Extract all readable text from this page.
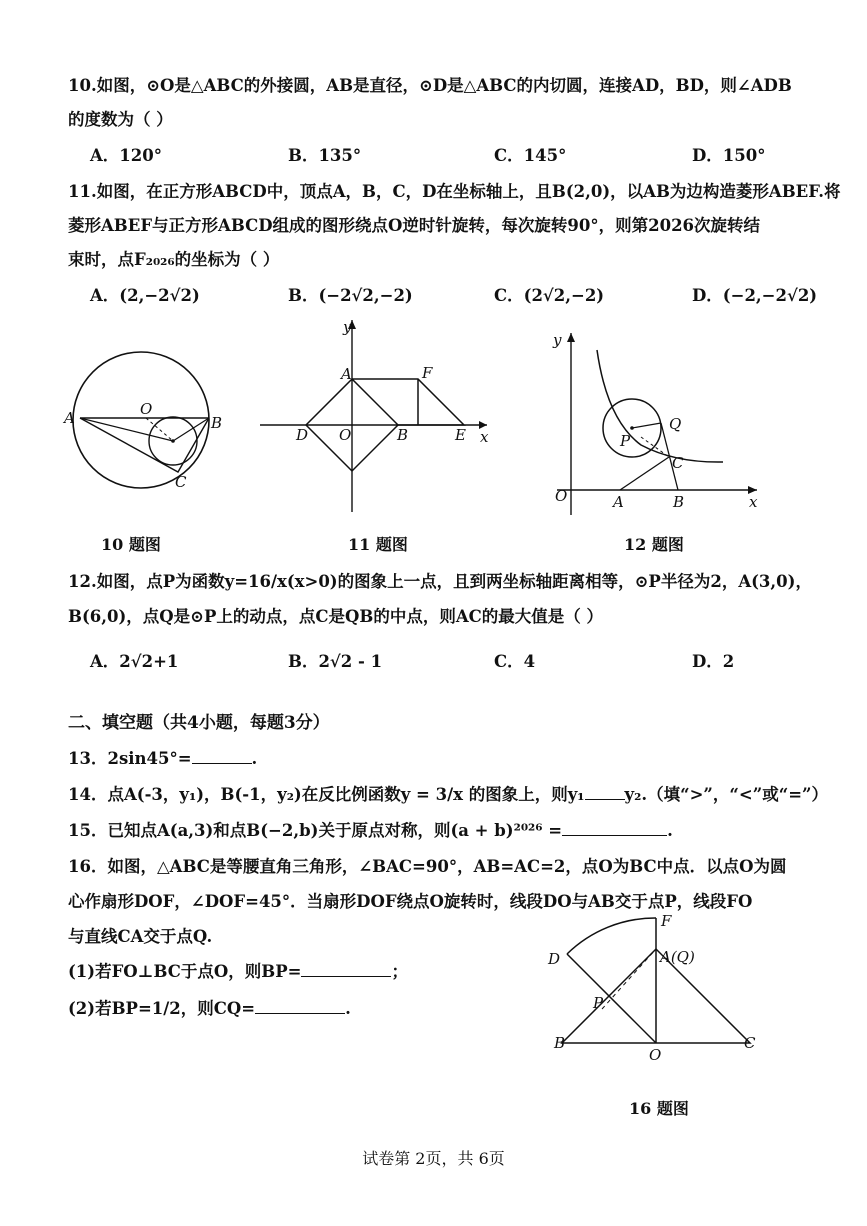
10.如图，⊙O是△ABC的外接圆，AB是直径，⊙D是△ABC的内切圆，连接AD，BD，则∠ADB
的度数为（ ）
A．120°	B．135°	C．145°	D．150°
11.如图，在正方形ABCD中，顶点A，B，C，D在坐标轴上，且B(2,0)，以AB为边构造菱形ABEF.将
菱形ABEF与正方形ABCD组成的图形绕点O逆时针旋转，每次旋转90°，则第2026次旋转结
束时，点F₂₀₂₆的坐标为（ ）
A．(2,−2√2)	B．(−2√2,−2)	C．(2√2,−2)	D．(−2,−2√2)
A	B
C
O
10 题图
y
x
A	F
D O	B	E
11 题图
y
x
O	A	B
P
Q
C
12 题图
12.如图，点P为函数y=16/x(x>0)的图象上一点，且到两坐标轴距离相等，⊙P半径为2，A(3,0)，
B(6,0)，点Q是⊙P上的动点，点C是QB的中点，则AC的最大值是（ ）
A．2√2+1	B．2√2 - 1	C．4	D．2
二、填空题（共4小题，每题3分）
13．2sin45°=	.
14．点A(-3，y₁)，B(-1，y₂)在反比例函数y = 3/x 的图象上，则y₁ y₂.（填“>”，“<”或“=”）
15．已知点A(a,3)和点B(−2,b)关于原点对称，则(a + b)²⁰²⁶ =	.
16．如图，△ABC是等腰直角三角形，∠BAC=90°，AB=AC=2，点O为BC中点．以点O为圆
心作扇形DOF，∠DOF=45°．当扇形DOF绕点O旋转时，线段DO与AB交于点P，线段FO
与直线CA交于点Q.
(1)若FO⊥BC于点O，则BP=	；
(2)若BP=1/2，则CQ=	.
F
D	A(Q)
P
B
O
C
16 题图
试卷第 2页，共 6页
